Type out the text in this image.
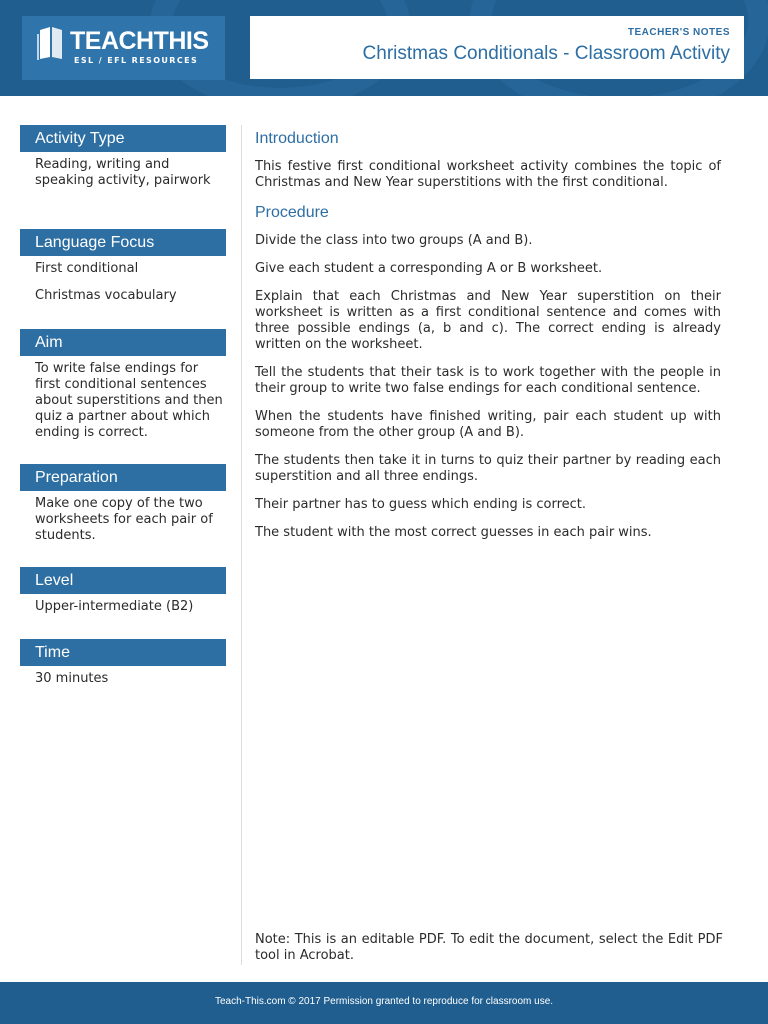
TEACHTHIS
ESL / EFL RESOURCES
TEACHER'S NOTES
Christmas Conditionals - Classroom Activity
Activity Type

Reading, writing and speaking activity, pairwork

Language Focus

First conditional

Christmas vocabulary

Aim

To write false endings for first conditional sentences about superstitions and then quiz a partner about which ending is correct.

Preparation

Make one copy of the two worksheets for each pair of students.

Level

Upper-intermediate (B2)

Time

30 minutes

Introduction

This festive first conditional worksheet activity combines the topic of Christmas and New Year superstitions with the first conditional.

Procedure

Divide the class into two groups (A and B).

Give each student a corresponding A or B worksheet.

Explain that each Christmas and New Year superstition on their worksheet is written as a first conditional sentence and comes with three possible endings (a, b and c). The correct ending is already written on the worksheet.

Tell the students that their task is to work together with the people in their group to write two false endings for each conditional sentence.

When the students have finished writing, pair each student up with someone from the other group (A and B).

The students then take it in turns to quiz their partner by reading each superstition and all three endings.

Their partner has to guess which ending is correct.

The student with the most correct guesses in each pair wins.

Note: This is an editable PDF. To edit the document, select the Edit PDF tool in Acrobat.

Teach-This.com © 2017 Permission granted to reproduce for classroom use.
